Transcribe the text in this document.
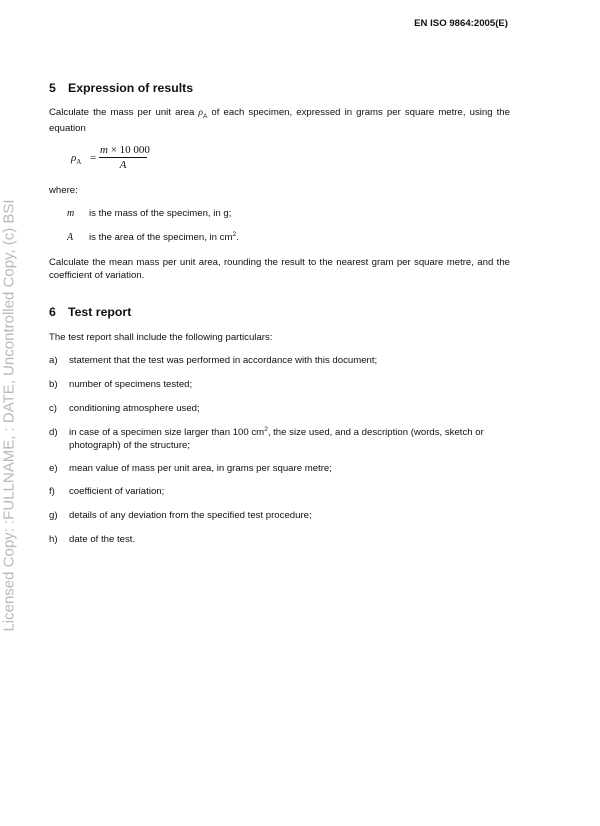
EN ISO 9864:2005(E)
Licensed Copy: :FULLNAME, : DATE, Uncontrolled Copy, (c) BSI
5 Expression of results
Calculate the mass per unit area $\rho_A$ of each specimen, expressed in grams per square metre, using the equation
$\rho_A = \frac{m \times 10 000}{A}$
where:
m	is the mass of the specimen, in g;
A	is the area of the specimen, in $cm^2$.
Calculate the mean mass per unit area, rounding the result to the nearest gram per square metre, and the coefficient of variation.
6 Test report
The test report shall include the following particulars:
a) statement that the test was performed in accordance with this document;
b) number of specimens tested;
c) conditioning atmosphere used;
d) in case of a specimen size larger than 100 $cm^2$, the size used, and a description (words, sketch or photograph) of the structure;
e) mean value of mass per unit area, in grams per square metre;
f) coefficient of variation;
g) details of any deviation from the specified test procedure;
h) date of the test.
